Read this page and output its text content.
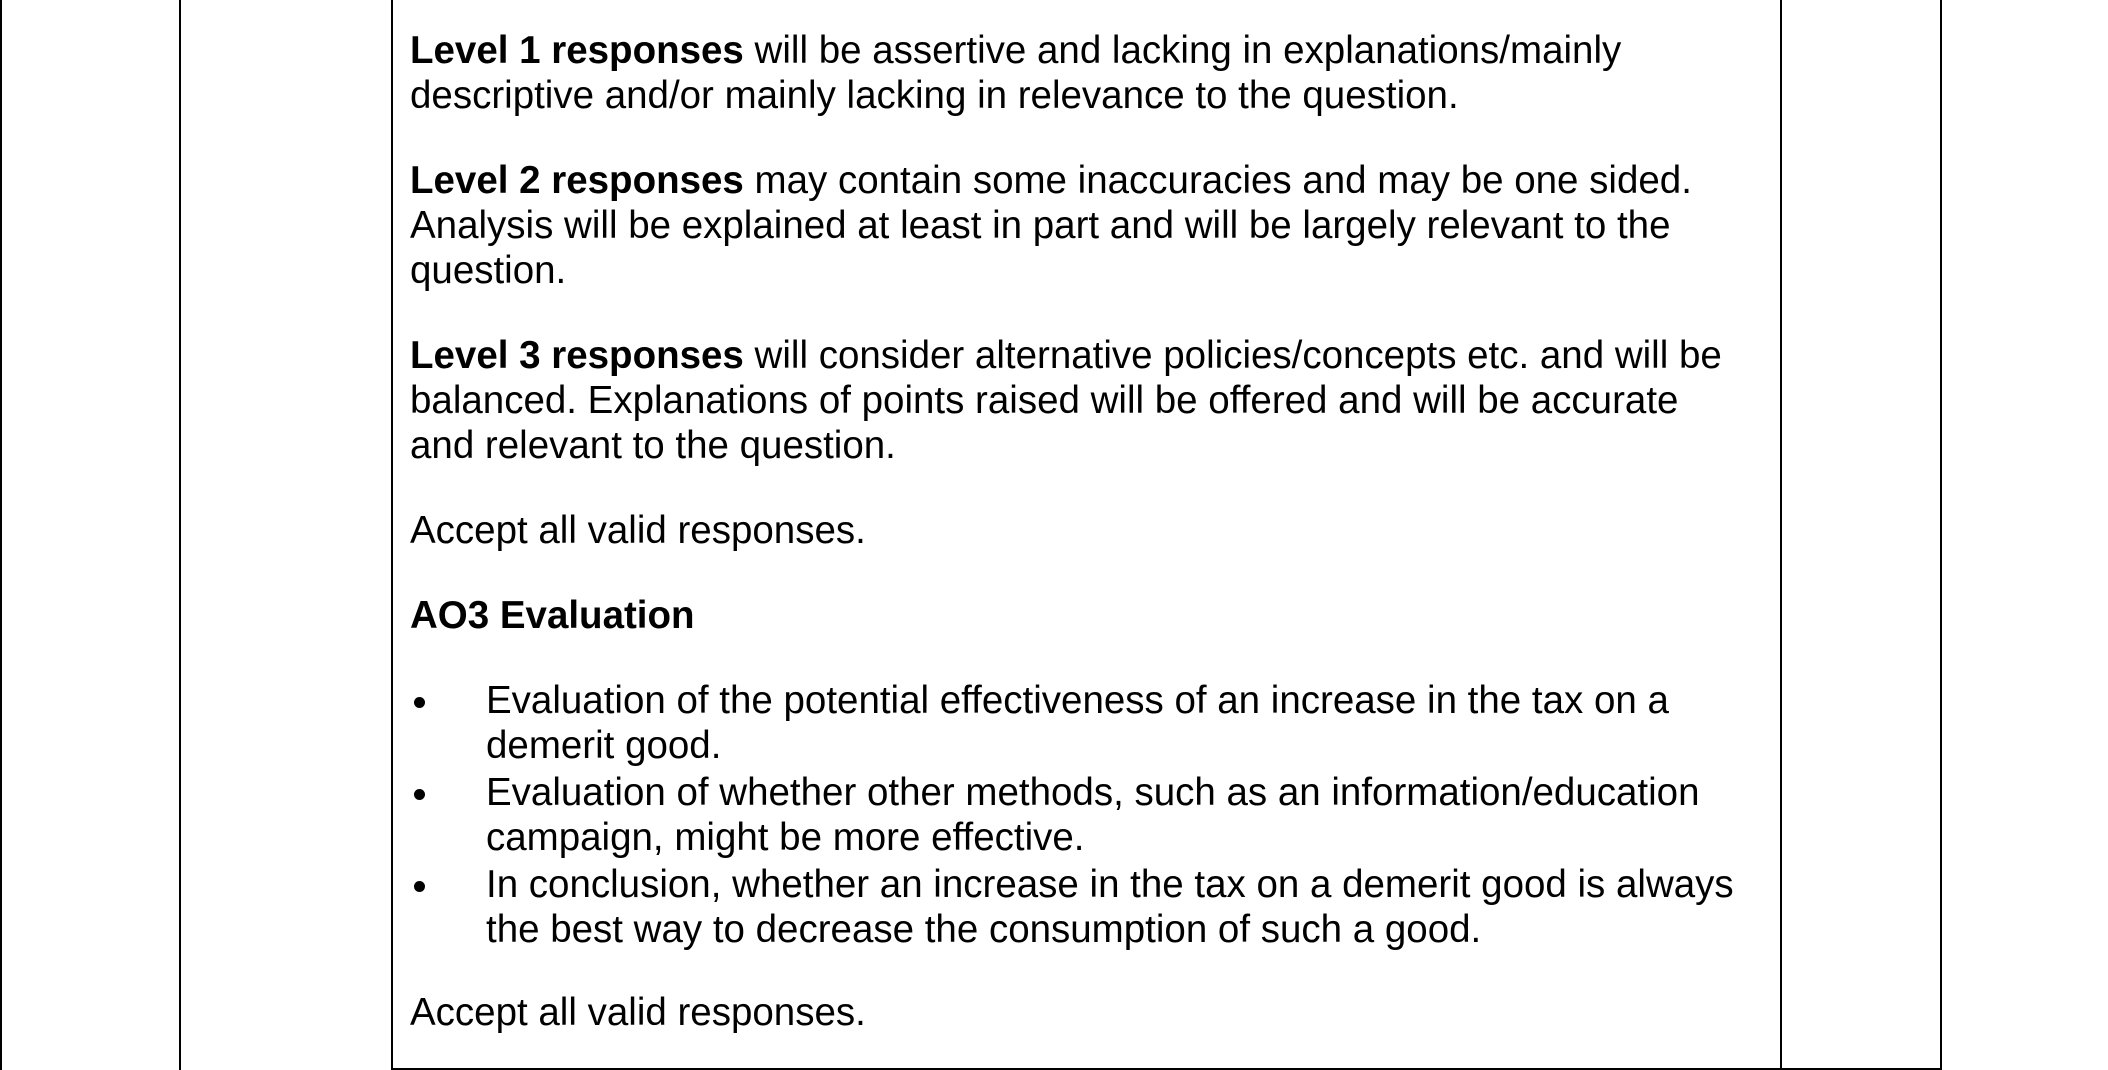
Level 1 responses will be assertive and lacking in explanations/mainly descriptive and/or mainly lacking in relevance to the question.

Level 2 responses may contain some inaccuracies and may be one sided. Analysis will be explained at least in part and will be largely relevant to the question.

Level 3 responses will consider alternative policies/concepts etc. and will be balanced. Explanations of points raised will be offered and will be accurate and relevant to the question.

Accept all valid responses.

AO3 Evaluation

Evaluation of the potential effectiveness of an increase in the tax on a demerit good.
Evaluation of whether other methods, such as an information/education campaign, might be more effective.
In conclusion, whether an increase in the tax on a demerit good is always the best way to decrease the consumption of such a good.

Accept all valid responses.
